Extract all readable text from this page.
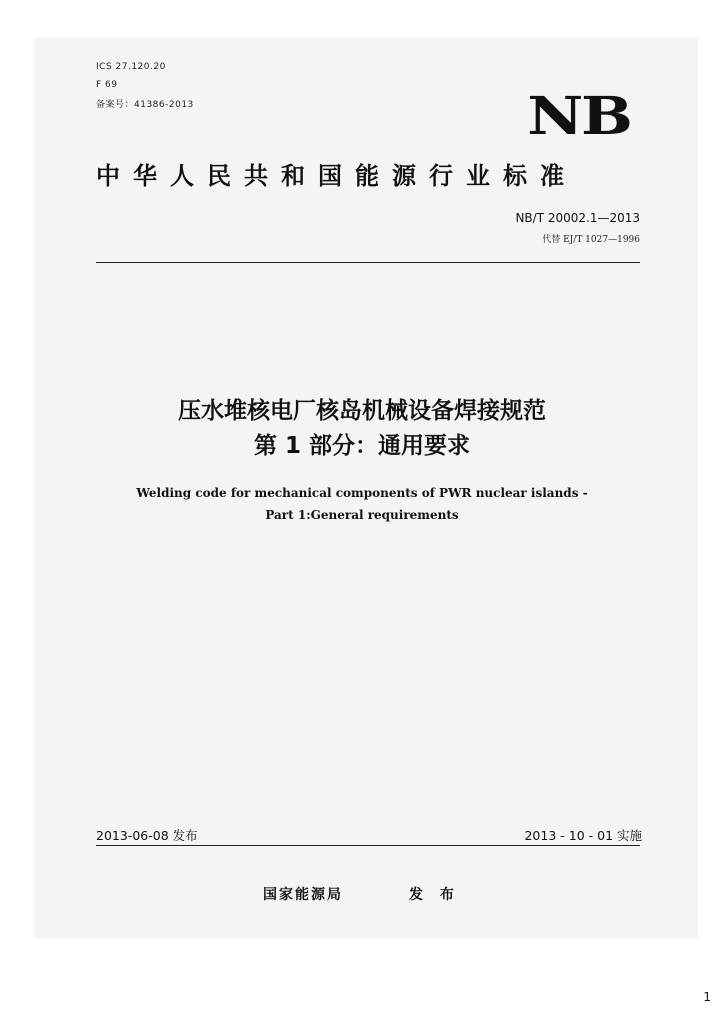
ICS 27.120.20
F 69
备案号：41386-2013	NB
中华人民共和国能源行业标准
NB/T 20002.1—2013
代替 EJ/T 1027—1996
压水堆核电厂核岛机械设备焊接规范
第 1 部分：通用要求
Welding code for mechanical components of PWR nuclear islands -
Part 1:General requirements
2013-06-08 发布	2013 - 10 - 01 实施
国家能源局	发 布
1
